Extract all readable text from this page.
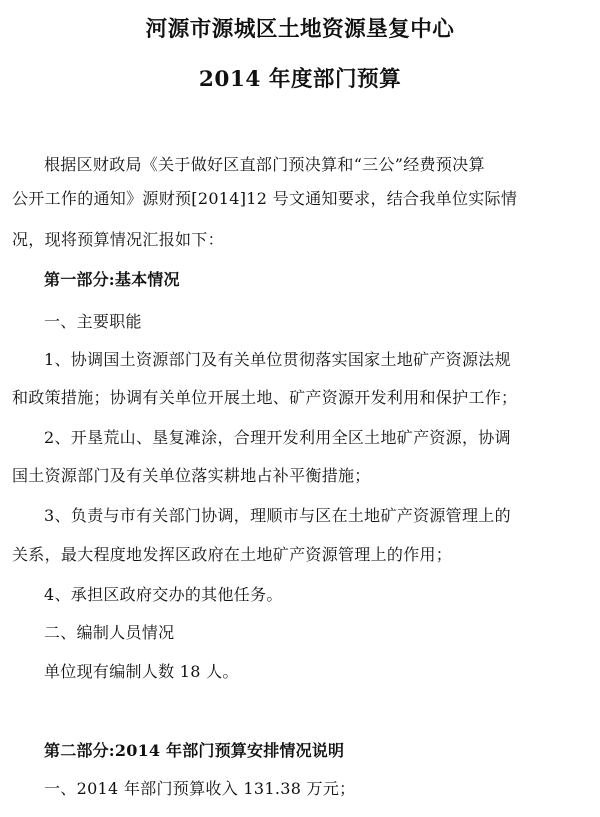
河源市源城区土地资源垦复中心
2014 年度部门预算
根据区财政局《关于做好区直部门预决算和“三公”经费预决算
公开工作的通知》源财预[2014]12 号文通知要求，结合我单位实际情
况，现将预算情况汇报如下：
第一部分:基本情况
一、主要职能
1、协调国土资源部门及有关单位贯彻落实国家土地矿产资源法规
和政策措施；协调有关单位开展土地、矿产资源开发利用和保护工作；
2、开垦荒山、垦复滩涂，合理开发利用全区土地矿产资源，协调
国土资源部门及有关单位落实耕地占补平衡措施；
3、负责与市有关部门协调，理顺市与区在土地矿产资源管理上的
关系，最大程度地发挥区政府在土地矿产资源管理上的作用；
4、承担区政府交办的其他任务。
二、编制人员情况
单位现有编制人数 18 人。
第二部分:2014 年部门预算安排情况说明
一、2014 年部门预算收入 131.38 万元；
